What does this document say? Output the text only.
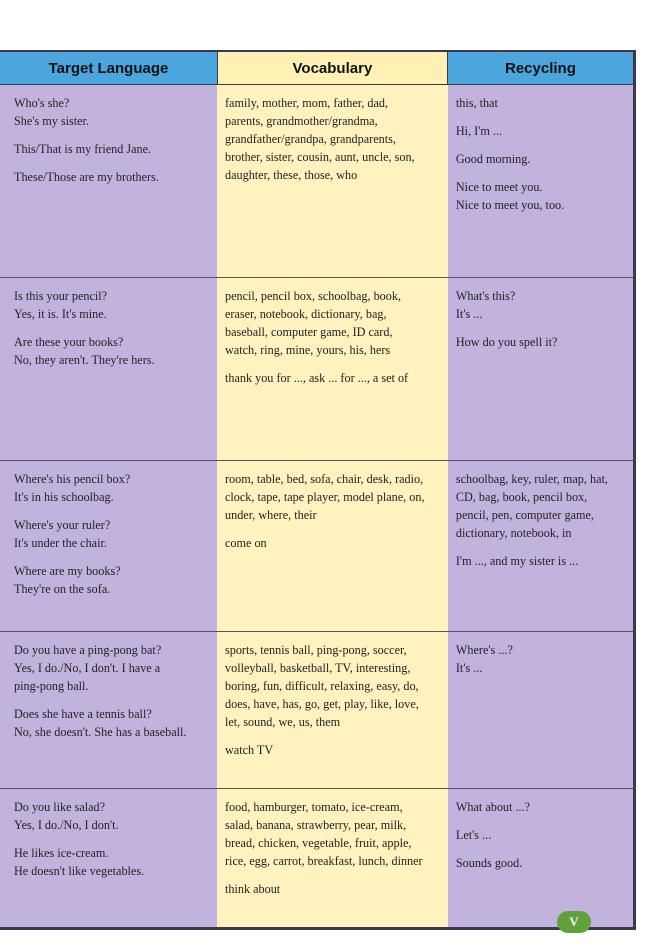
Target Language	Vocabulary	Recycling
Who's she?
She's my sister.
This/That is my friend Jane.
These/Those are my brothers.
family, mother, mom, father, dad,
parents, grandmother/grandma,
grandfather/grandpa, grandparents,
brother, sister, cousin, aunt, uncle, son,
daughter, these, those, who
this, that
Hi, I'm ...
Good morning.
Nice to meet you.
Nice to meet you, too.
Is this your pencil?
Yes, it is. It's mine.
Are these your books?
No, they aren't. They're hers.
pencil, pencil box, schoolbag, book,
eraser, notebook, dictionary, bag,
baseball, computer game, ID card,
watch, ring, mine, yours, his, hers
thank you for ..., ask ... for ..., a set of
What's this?
It's ...
How do you spell it?
Where's his pencil box?
It's in his schoolbag.
Where's your ruler?
It's under the chair.
Where are my books?
They're on the sofa.
room, table, bed, sofa, chair, desk, radio,
clock, tape, tape player, model plane, on,
under, where, their
come on
schoolbag, key, ruler, map, hat,
CD, bag, book, pencil box,
pencil, pen, computer game,
dictionary, notebook, in
I'm ..., and my sister is ...
Do you have a ping-pong bat?
Yes, I do./No, I don't. I have a
ping-pong ball.
Does she have a tennis ball?
No, she doesn't. She has a baseball.
sports, tennis ball, ping-pong, soccer,
volleyball, basketball, TV, interesting,
boring, fun, difficult, relaxing, easy, do,
does, have, has, go, get, play, like, love,
let, sound, we, us, them
watch TV
Where's ...?
It's ...
Do you like salad?
Yes, I do./No, I don't.
He likes ice-cream.
He doesn't like vegetables.
food, hamburger, tomato, ice-cream,
salad, banana, strawberry, pear, milk,
bread, chicken, vegetable, fruit, apple,
rice, egg, carrot, breakfast, lunch, dinner
think about
What about ...?
Let's ...
Sounds good.
V
